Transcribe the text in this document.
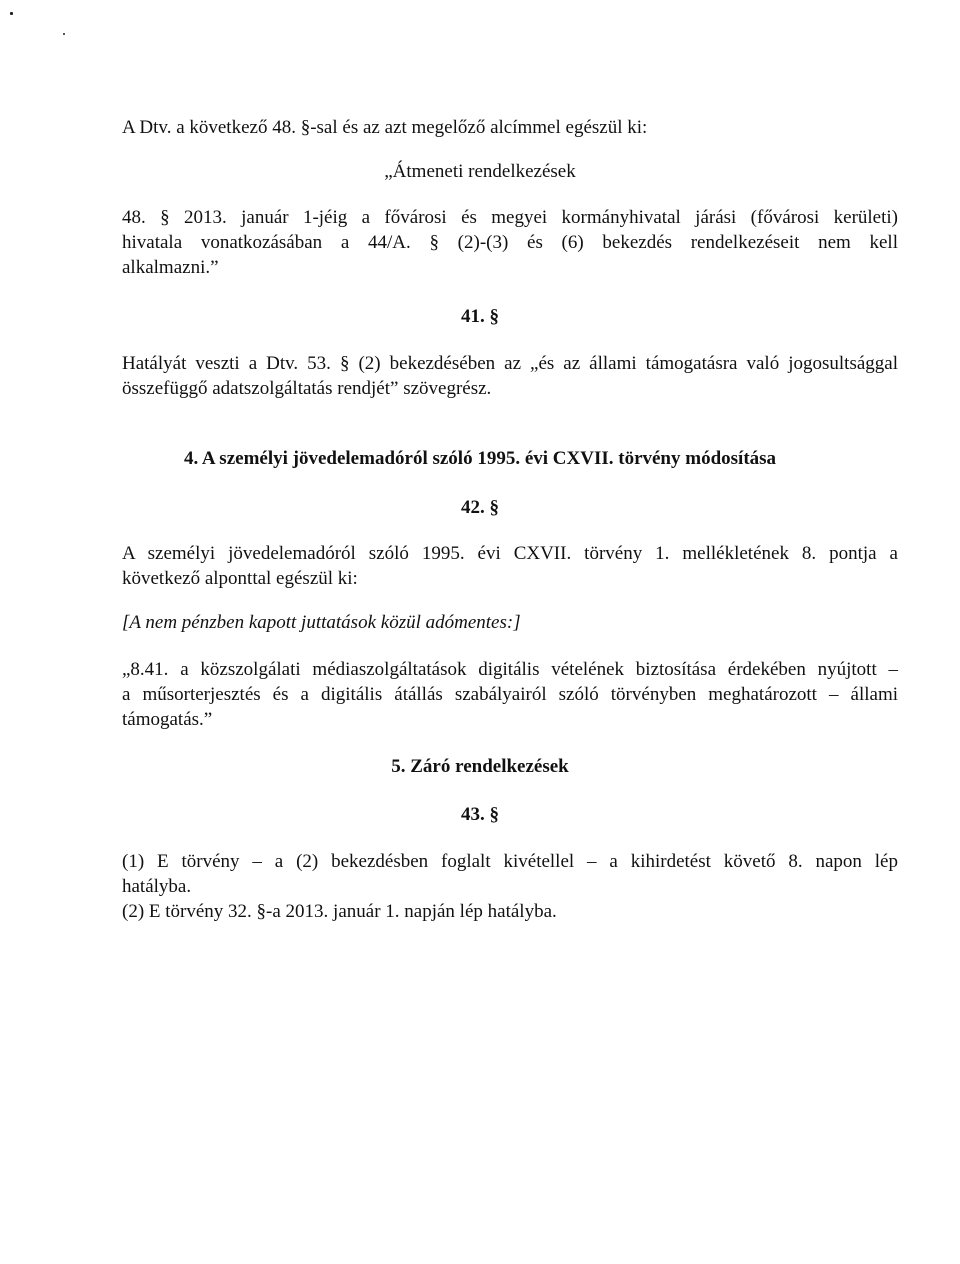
A Dtv. a következő 48. §-sal és az azt megelőző alcímmel egészül ki:

„Átmeneti rendelkezések

48. § 2013. január 1-jéig a fővárosi és megyei kormányhivatal járási (fővárosi kerületi)

hivatala vonatkozásában a 44/A. § (2)-(3) és (6) bekezdés rendelkezéseit nem kell

alkalmazni.”

41. §

Hatályát veszti a Dtv. 53. § (2) bekezdésében az „és az állami támogatásra való jogosultsággal

összefüggő adatszolgáltatás rendjét” szövegrész.

4. A személyi jövedelemadóról szóló 1995. évi CXVII. törvény módosítása

42. §

A személyi jövedelemadóról szóló 1995. évi CXVII. törvény 1. mellékletének 8. pontja a

következő alponttal egészül ki:

[A nem pénzben kapott juttatások közül adómentes:]

„8.41. a közszolgálati médiaszolgáltatások digitális vételének biztosítása érdekében nyújtott –

a műsorterjesztés és a digitális átállás szabályairól szóló törvényben meghatározott – állami

támogatás.”

5. Záró rendelkezések

43. §

(1) E törvény – a (2) bekezdésben foglalt kivétellel – a kihirdetést követő 8. napon lép

hatályba.

(2) E törvény 32. §-a 2013. január 1. napján lép hatályba.
